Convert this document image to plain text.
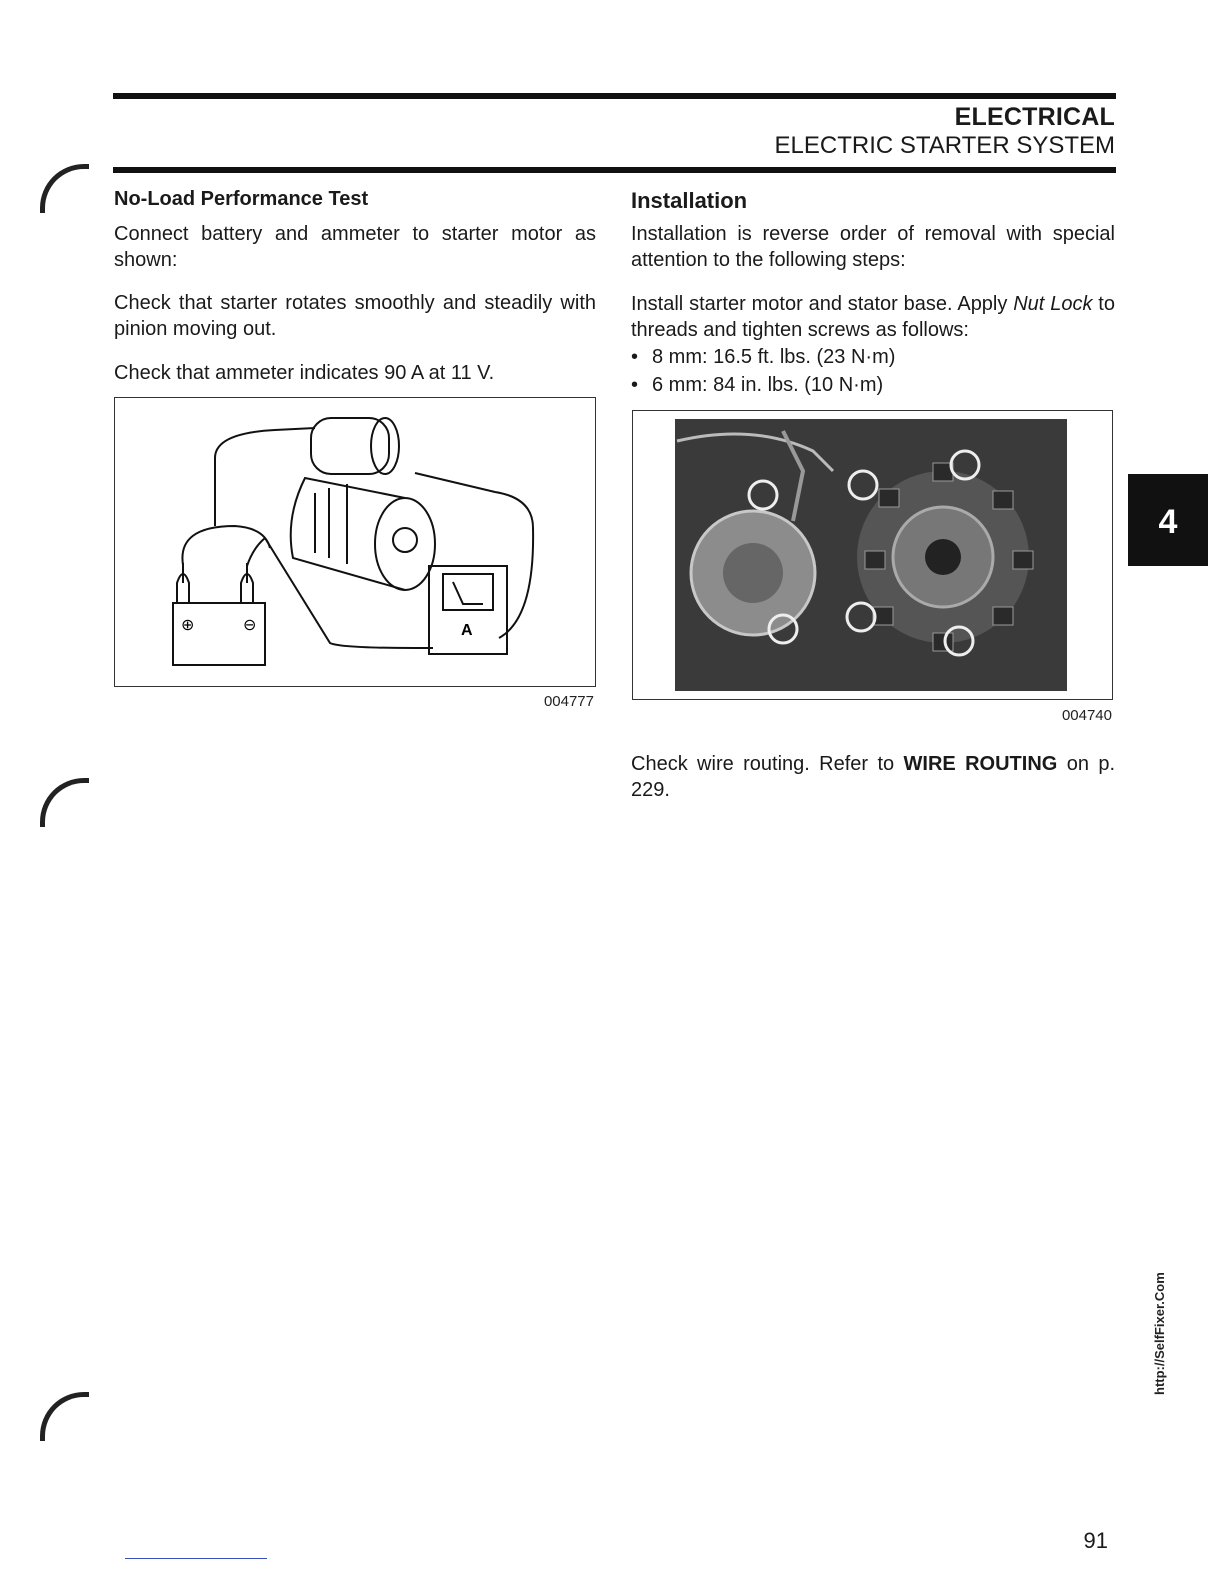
ELECTRICAL
ELECTRIC STARTER SYSTEM
No-Load Performance Test
Connect battery and ammeter to starter motor as shown:
Check that starter rotates smoothly and steadily with pinion moving out.
Check that ammeter indicates 90 A at 11 V.
⊕	⊖	A
004777
Installation
Installation is reverse order of removal with special attention to the following steps:
Install starter motor and stator base. Apply Nut Lock to threads and tighten screws as follows:
• 8 mm: 16.5 ft. lbs. (23 N·m)
• 6 mm: 84 in. lbs. (10 N·m)
004740
Check wire routing. Refer to WIRE ROUTING on p. 229.
4
http://SelfFixer.Com
91
